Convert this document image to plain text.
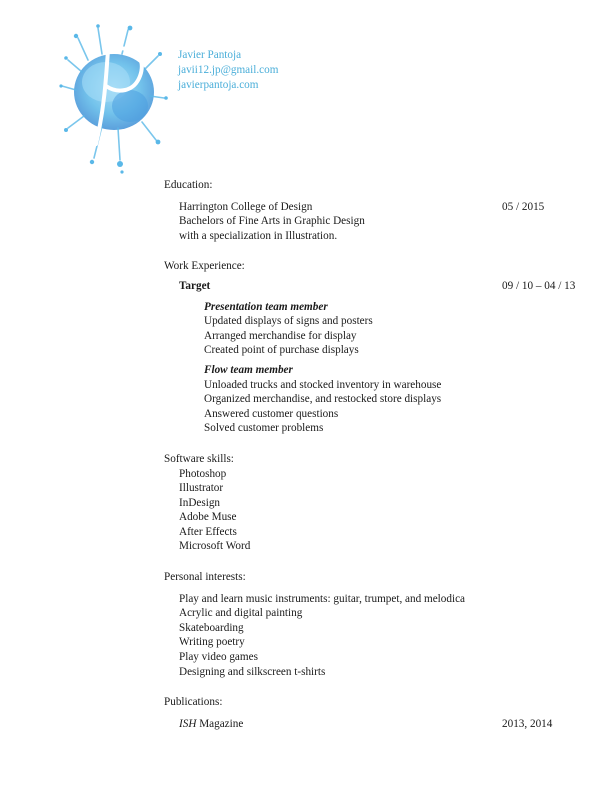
Javier Pantoja
javii12.jp@gmail.com
javierpantoja.com
Education:
Harrington College of Design	05 / 2015
Bachelors of Fine Arts in Graphic Design
with a specialization in Illustration.
Work Experience:
Target	09 / 10 – 04 / 13
Presentation team member
Updated displays of signs and posters
Arranged merchandise for display
Created point of purchase displays
Flow team member
Unloaded trucks and stocked inventory in warehouse
Organized merchandise, and restocked store displays
Answered customer questions
Solved customer problems
Software skills:
Photoshop
Illustrator
InDesign
Adobe Muse
After Effects
Microsoft Word
Personal interests:
Play and learn music instruments: guitar, trumpet, and melodica
Acrylic and digital painting
Skateboarding
Writing poetry
Play video games
Designing and silkscreen t-shirts
Publications:
ISH Magazine	2013, 2014
